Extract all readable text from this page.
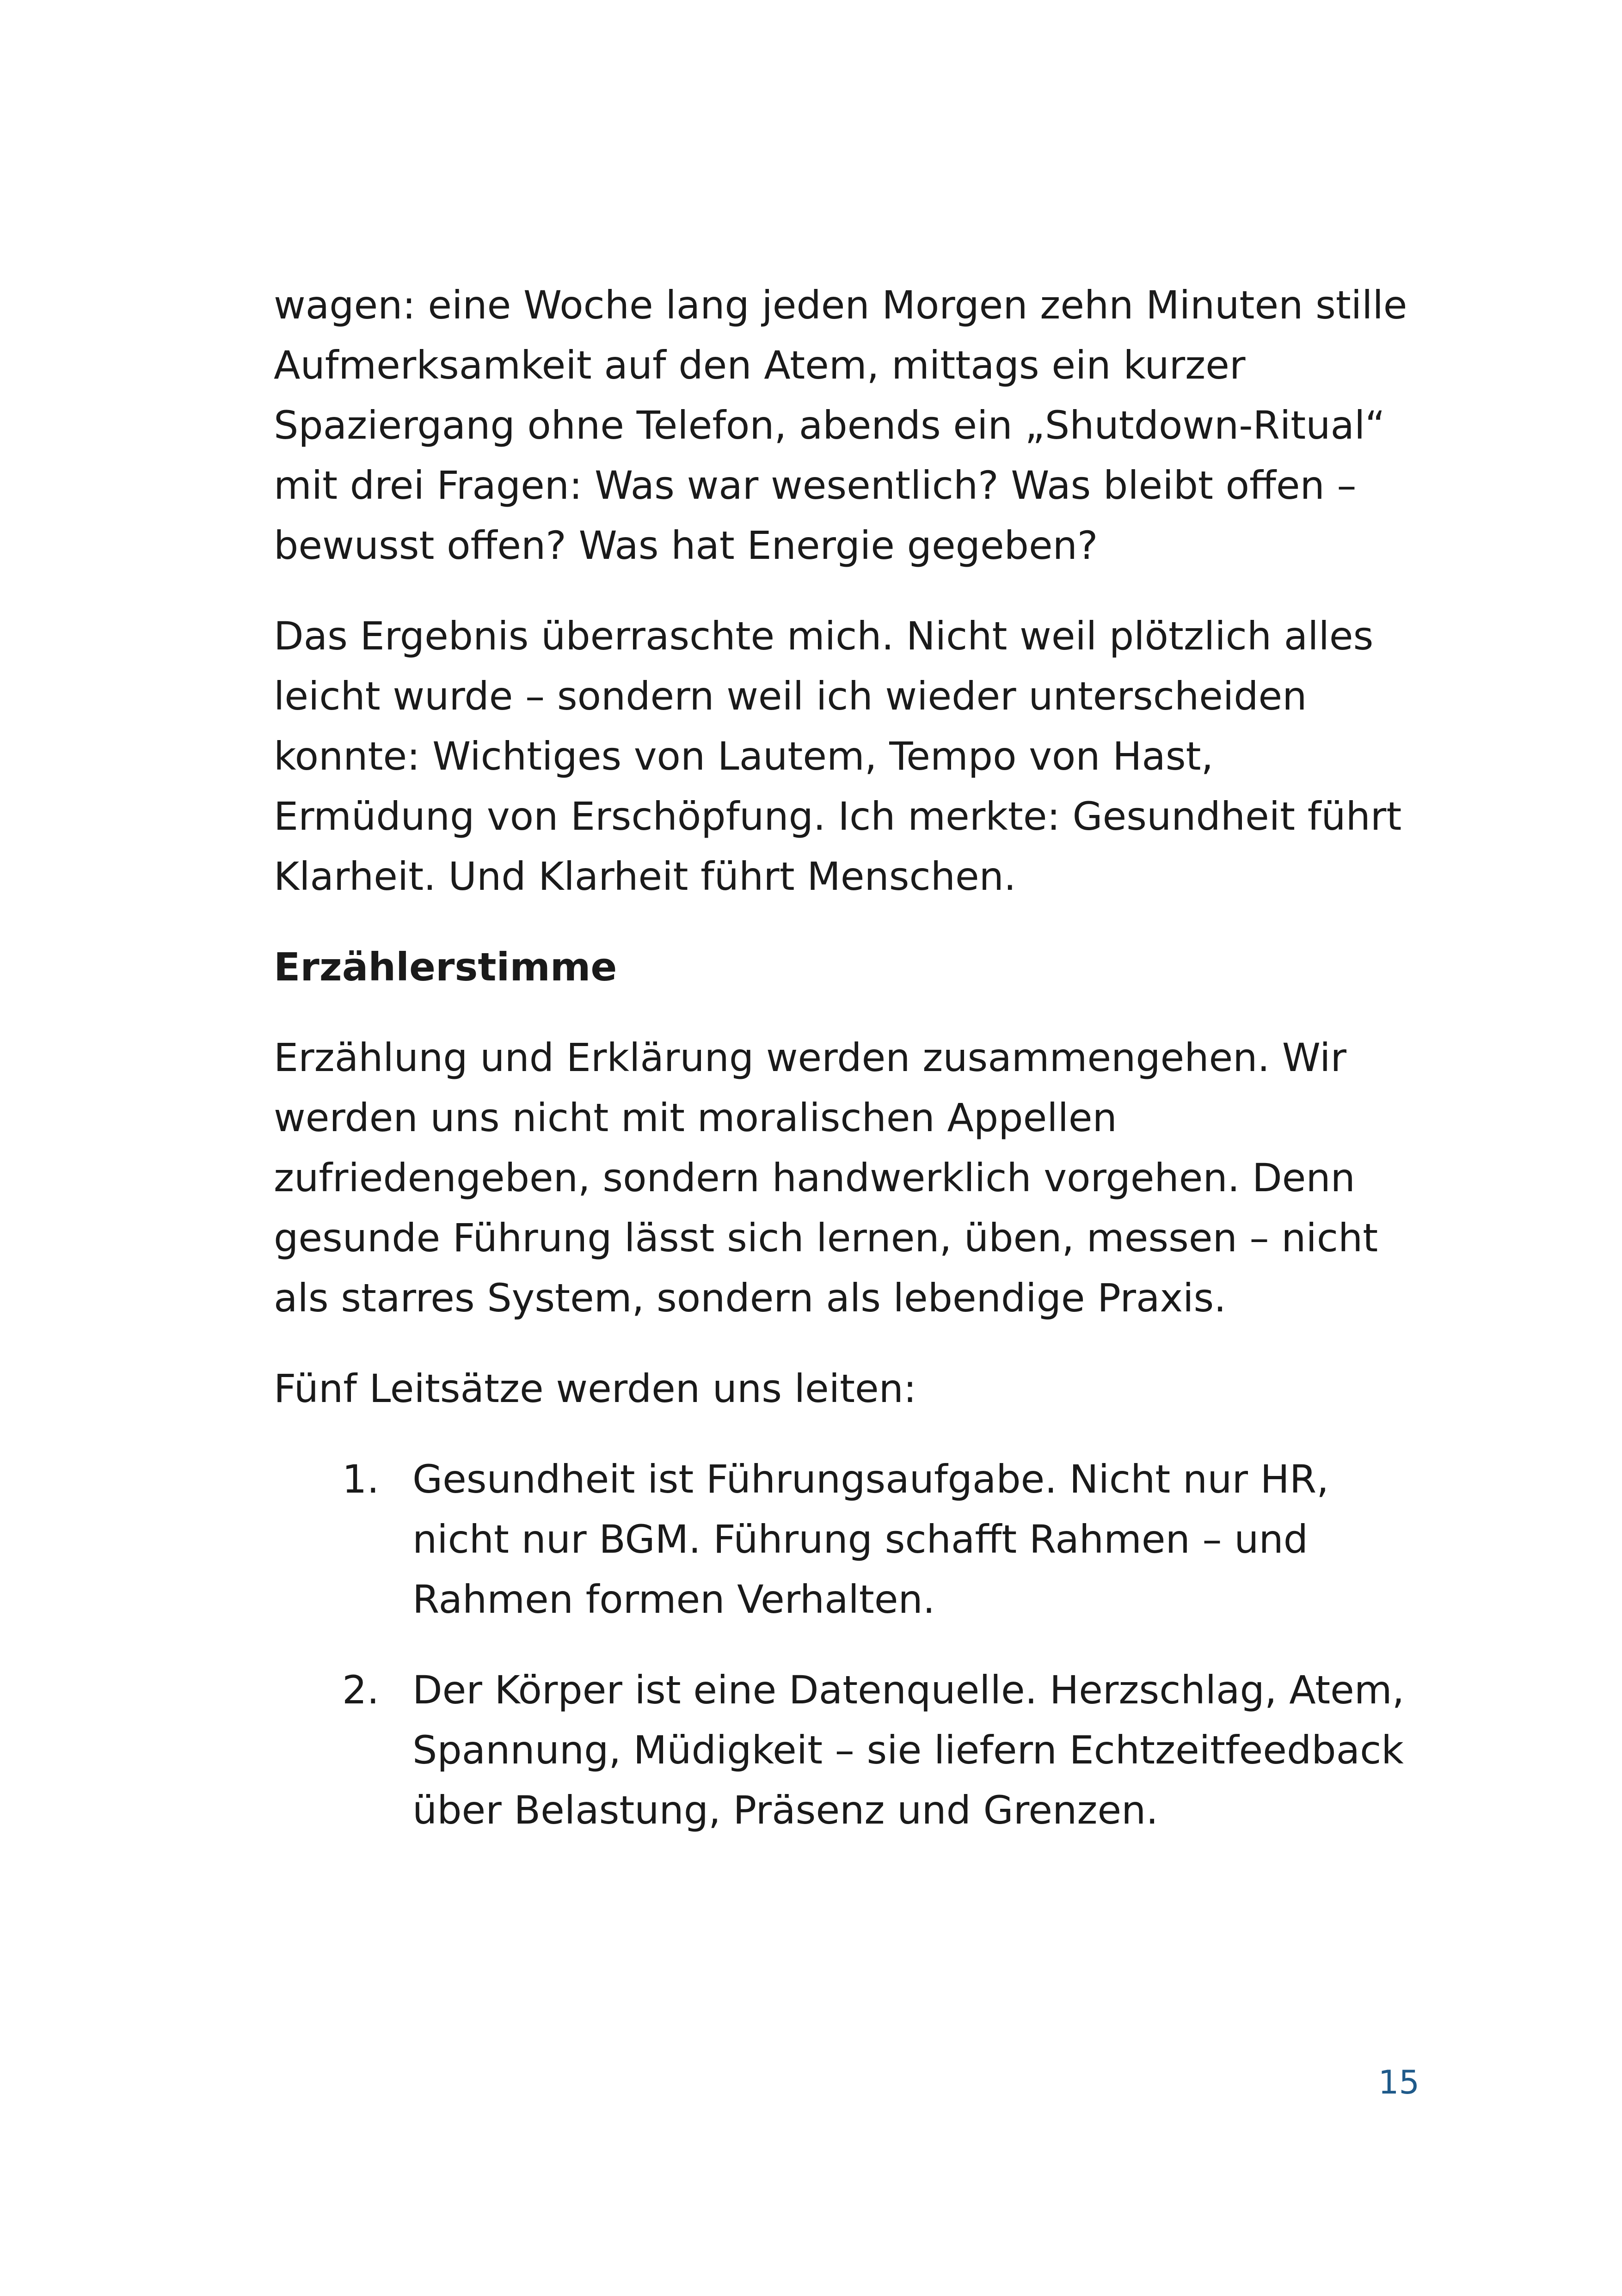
wagen: eine Woche lang jeden Morgen zehn Minuten stille Aufmerksamkeit auf den Atem, mittags ein kurzer Spaziergang ohne Telefon, abends ein „Shutdown-Ritual“ mit drei Fragen: Was war wesentlich? Was bleibt offen – bewusst offen? Was hat Energie gegeben?

Das Ergebnis überraschte mich. Nicht weil plötzlich alles leicht wurde – sondern weil ich wieder unterscheiden konnte: Wichtiges von Lautem, Tempo von Hast, Ermüdung von Erschöpfung. Ich merkte: Gesundheit führt Klarheit. Und Klarheit führt Menschen.

Erzählerstimme

Erzählung und Erklärung werden zusammengehen. Wir werden uns nicht mit moralischen Appellen zufriedengeben, sondern handwerklich vorgehen. Denn gesunde Führung lässt sich lernen, üben, messen – nicht als starres System, sondern als lebendige Praxis.

Fünf Leitsätze werden uns leiten:

1. Gesundheit ist Führungsaufgabe. Nicht nur HR, nicht nur BGM. Führung schafft Rahmen – und Rahmen formen Verhalten.
2. Der Körper ist eine Datenquelle. Herzschlag, Atem, Spannung, Müdigkeit – sie liefern Echtzeitfeedback über Belastung, Präsenz und Grenzen.
15
